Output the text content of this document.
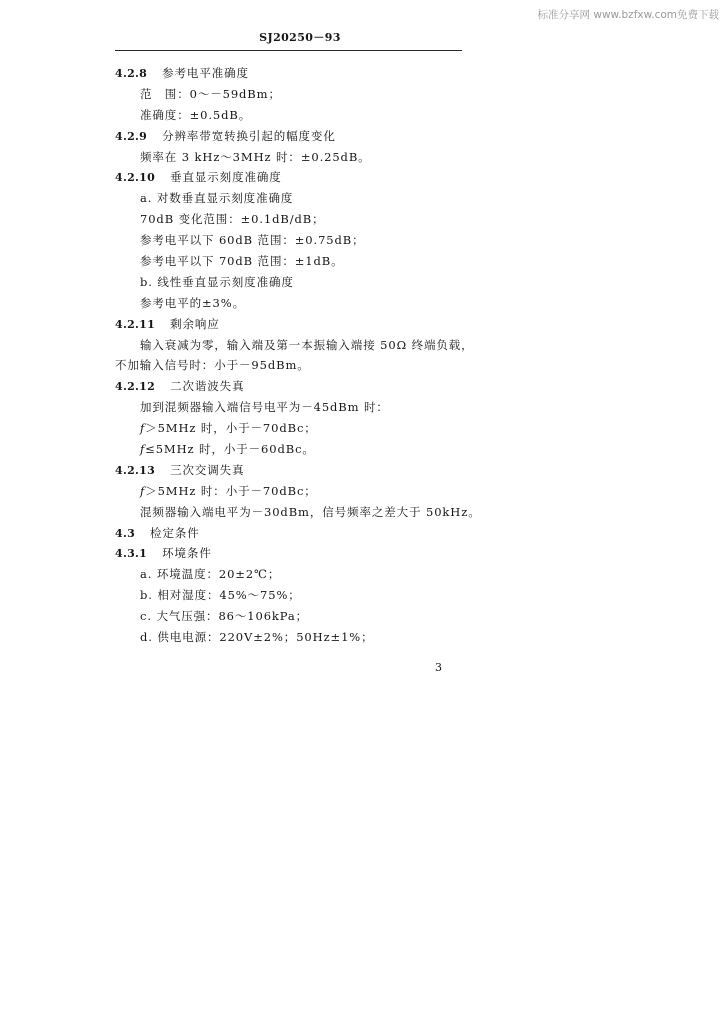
标准分享网 www.bzfxw.com免费下载
SJ20250－93
4.2.8 参考电平准确度
范　围：0～－59dBm；
准确度：±0.5dB。
4.2.9 分辨率带宽转换引起的幅度变化
频率在 3 kHz～3MHz 时：±0.25dB。
4.2.10 垂直显示刻度准确度
a. 对数垂直显示刻度准确度
70dB 变化范围：±0.1dB/dB；
参考电平以下 60dB 范围：±0.75dB；
参考电平以下 70dB 范围：±1dB。
b. 线性垂直显示刻度准确度
参考电平的±3%。
4.2.11 剩余响应
输入衰减为零，输入端及第一本振输入端接 50Ω 终端负载，
不加输入信号时：小于－95dBm。
4.2.12 二次谐波失真
加到混频器输入端信号电平为－45dBm 时：
f＞5MHz 时，小于－70dBc；
f≤5MHz 时，小于－60dBc。
4.2.13 三次交调失真
f＞5MHz 时：小于－70dBc；
混频器输入端电平为－30dBm，信号频率之差大于 50kHz。
4.3 检定条件
4.3.1 环境条件
a. 环境温度：20±2℃；
b. 相对湿度：45%～75%；
c. 大气压强：86～106kPa；
d. 供电电源：220V±2%；50Hz±1%；
3
